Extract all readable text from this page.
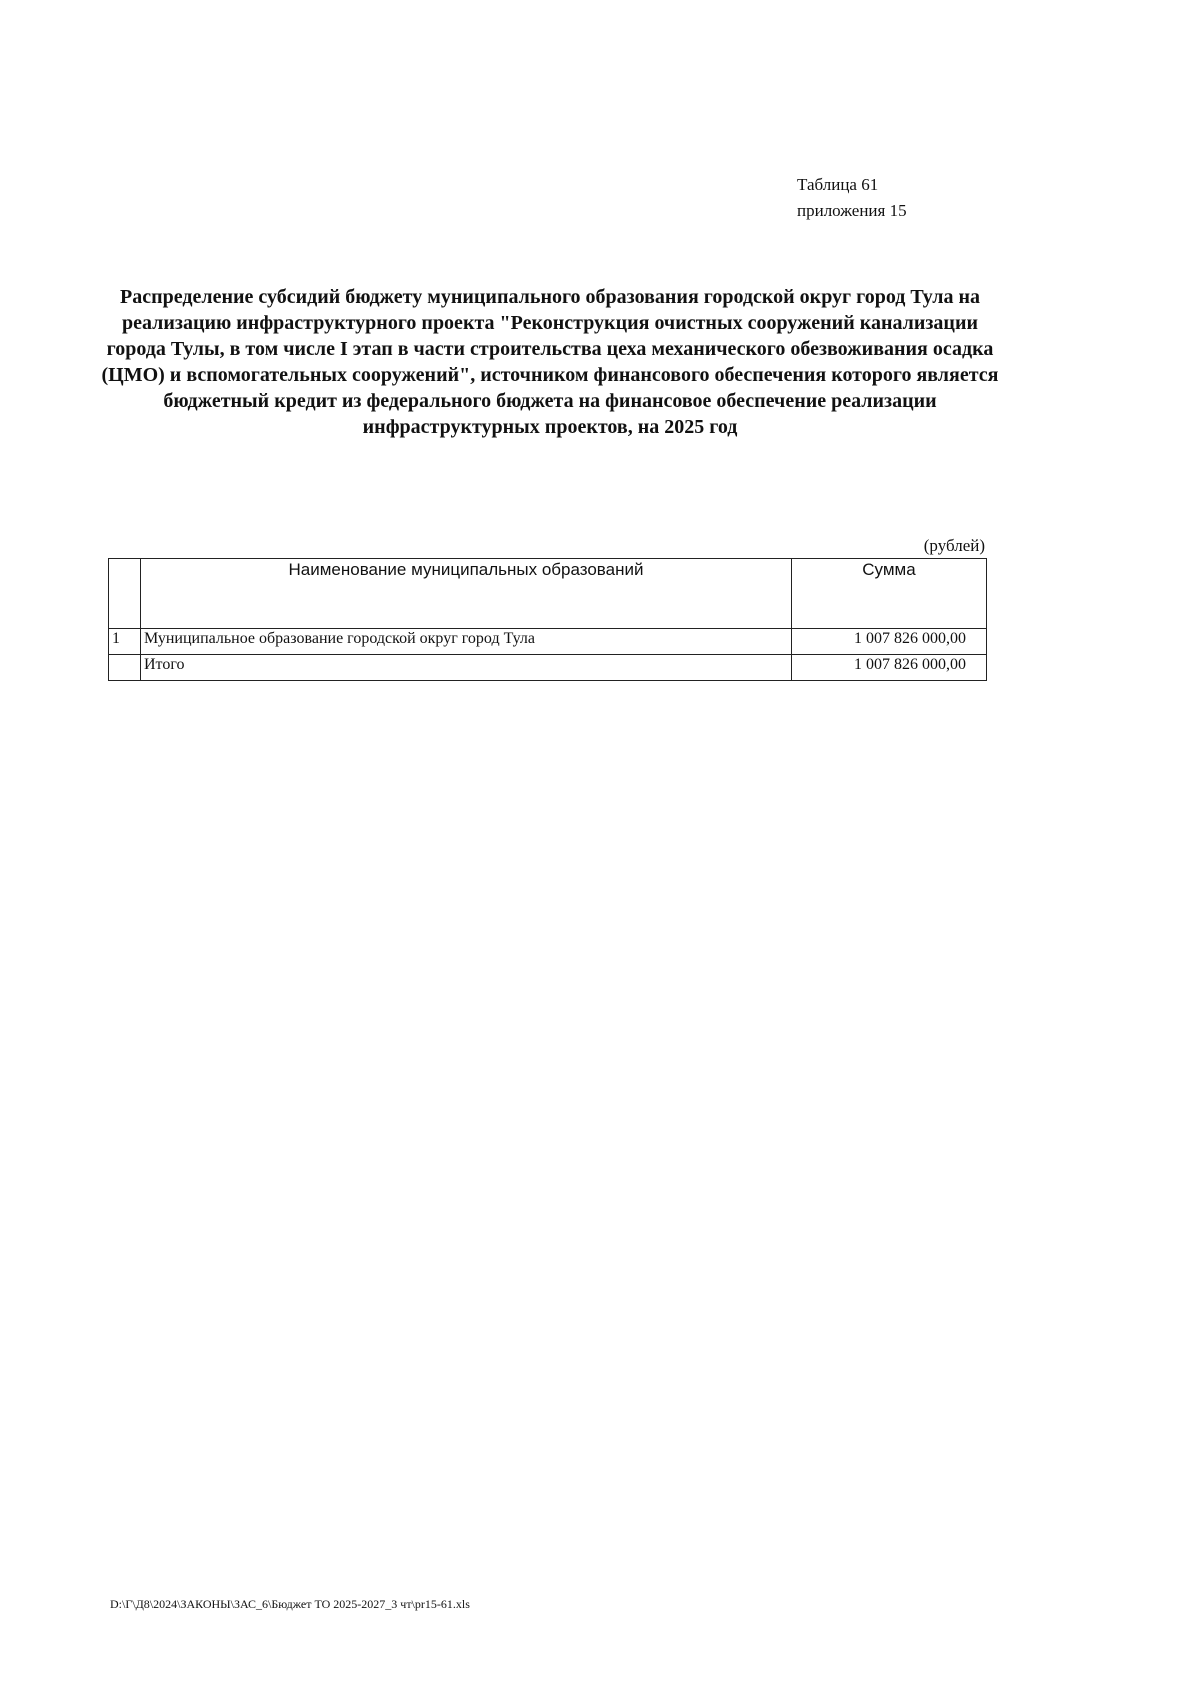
Таблица 61
приложения 15
Распределение субсидий бюджету муниципального образования городской округ город Тула на реализацию инфраструктурного проекта "Реконструкция очистных сооружений канализации города Тулы, в том числе I этап в части строительства цеха механического обезвоживания осадка (ЦМО) и вспомогательных сооружений", источником финансового обеспечения которого является бюджетный кредит из федерального бюджета на финансовое обеспечение реализации инфраструктурных проектов, на 2025 год
(рублей)
	Наименование муниципальных образований	Сумма
1	Муниципальное образование городской округ город Тула	1 007 826 000,00
	Итого	1 007 826 000,00
D:\Г\Д8\2024\ЗАКОНЫ\ЗАС_6\Бюджет ТО 2025-2027_3 чт\pr15-61.xls
